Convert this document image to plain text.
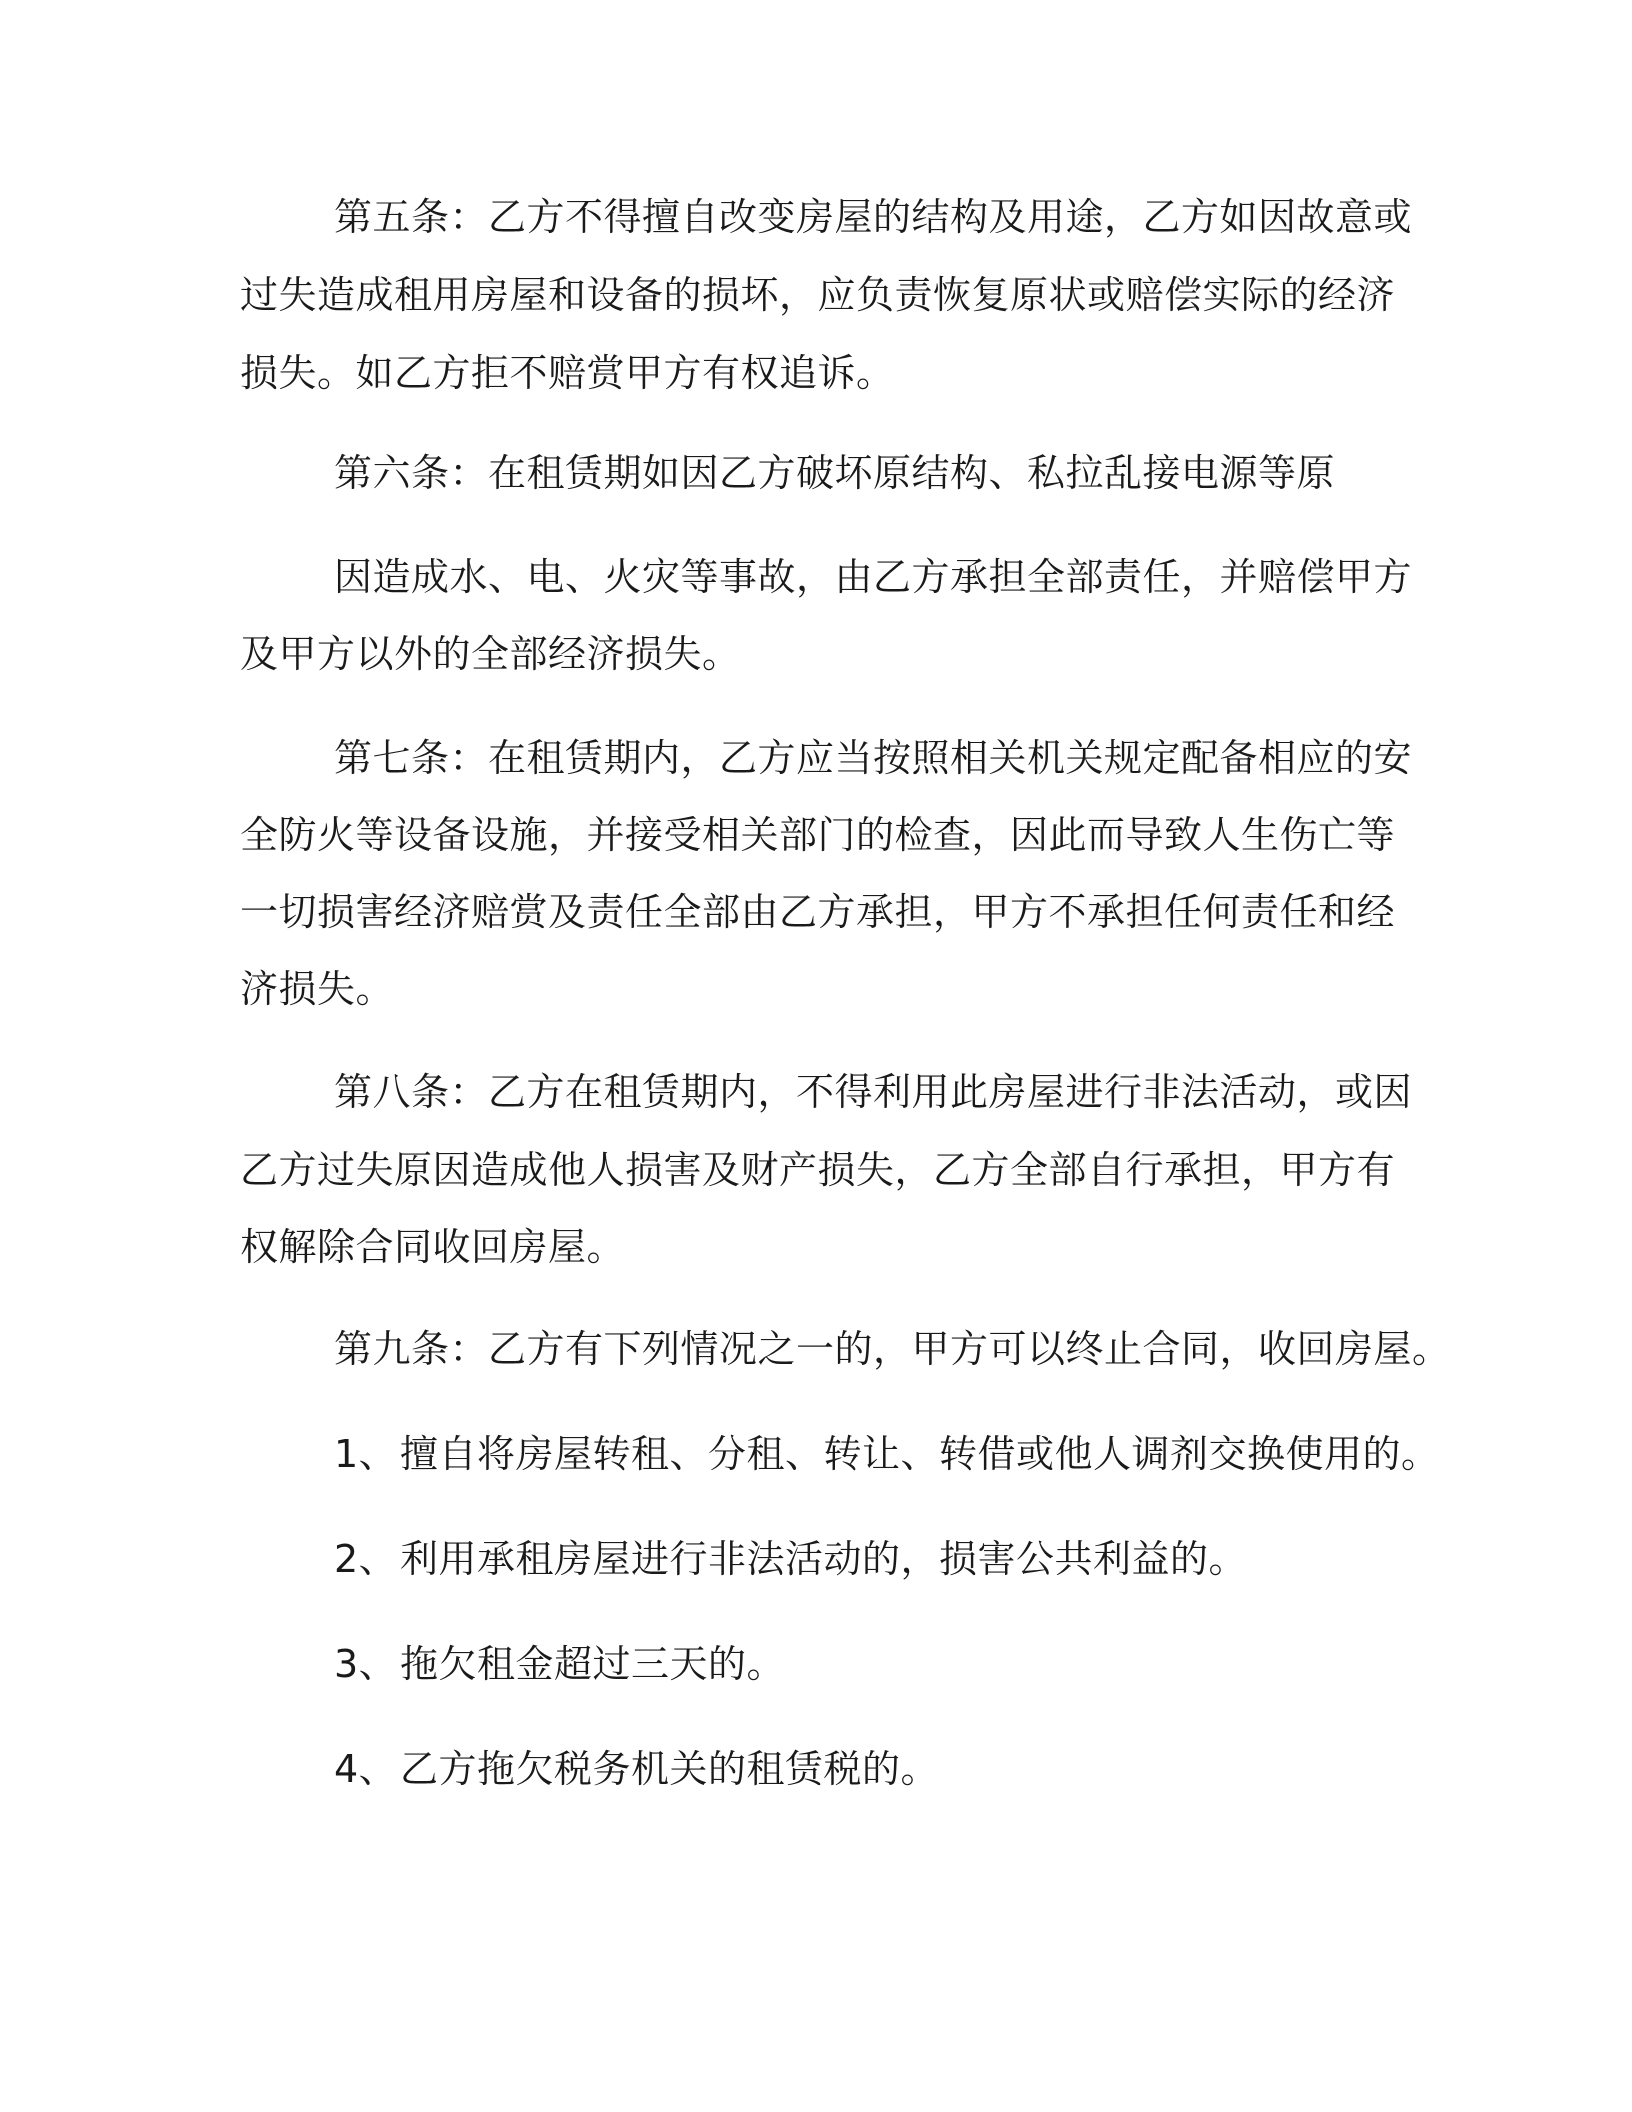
第五条：乙方不得擅自改变房屋的结构及用途，乙方如因故意或
过失造成租用房屋和设备的损坏，应负责恢复原状或赔偿实际的经济
损失。如乙方拒不赔赏甲方有权追诉。
第六条：在租赁期如因乙方破坏原结构、私拉乱接电源等原
因造成水、电、火灾等事故，由乙方承担全部责任，并赔偿甲方
及甲方以外的全部经济损失。
第七条：在租赁期内，乙方应当按照相关机关规定配备相应的安
全防火等设备设施，并接受相关部门的检查，因此而导致人生伤亡等
一切损害经济赔赏及责任全部由乙方承担，甲方不承担任何责任和经
济损失。
第八条：乙方在租赁期内，不得利用此房屋进行非法活动，或因
乙方过失原因造成他人损害及财产损失，乙方全部自行承担，甲方有
权解除合同收回房屋。
第九条：乙方有下列情况之一的，甲方可以终止合同，收回房屋。
1、擅自将房屋转租、分租、转让、转借或他人调剂交换使用的。
2、利用承租房屋进行非法活动的，损害公共利益的。
3、拖欠租金超过三天的。
4、乙方拖欠税务机关的租赁税的。
